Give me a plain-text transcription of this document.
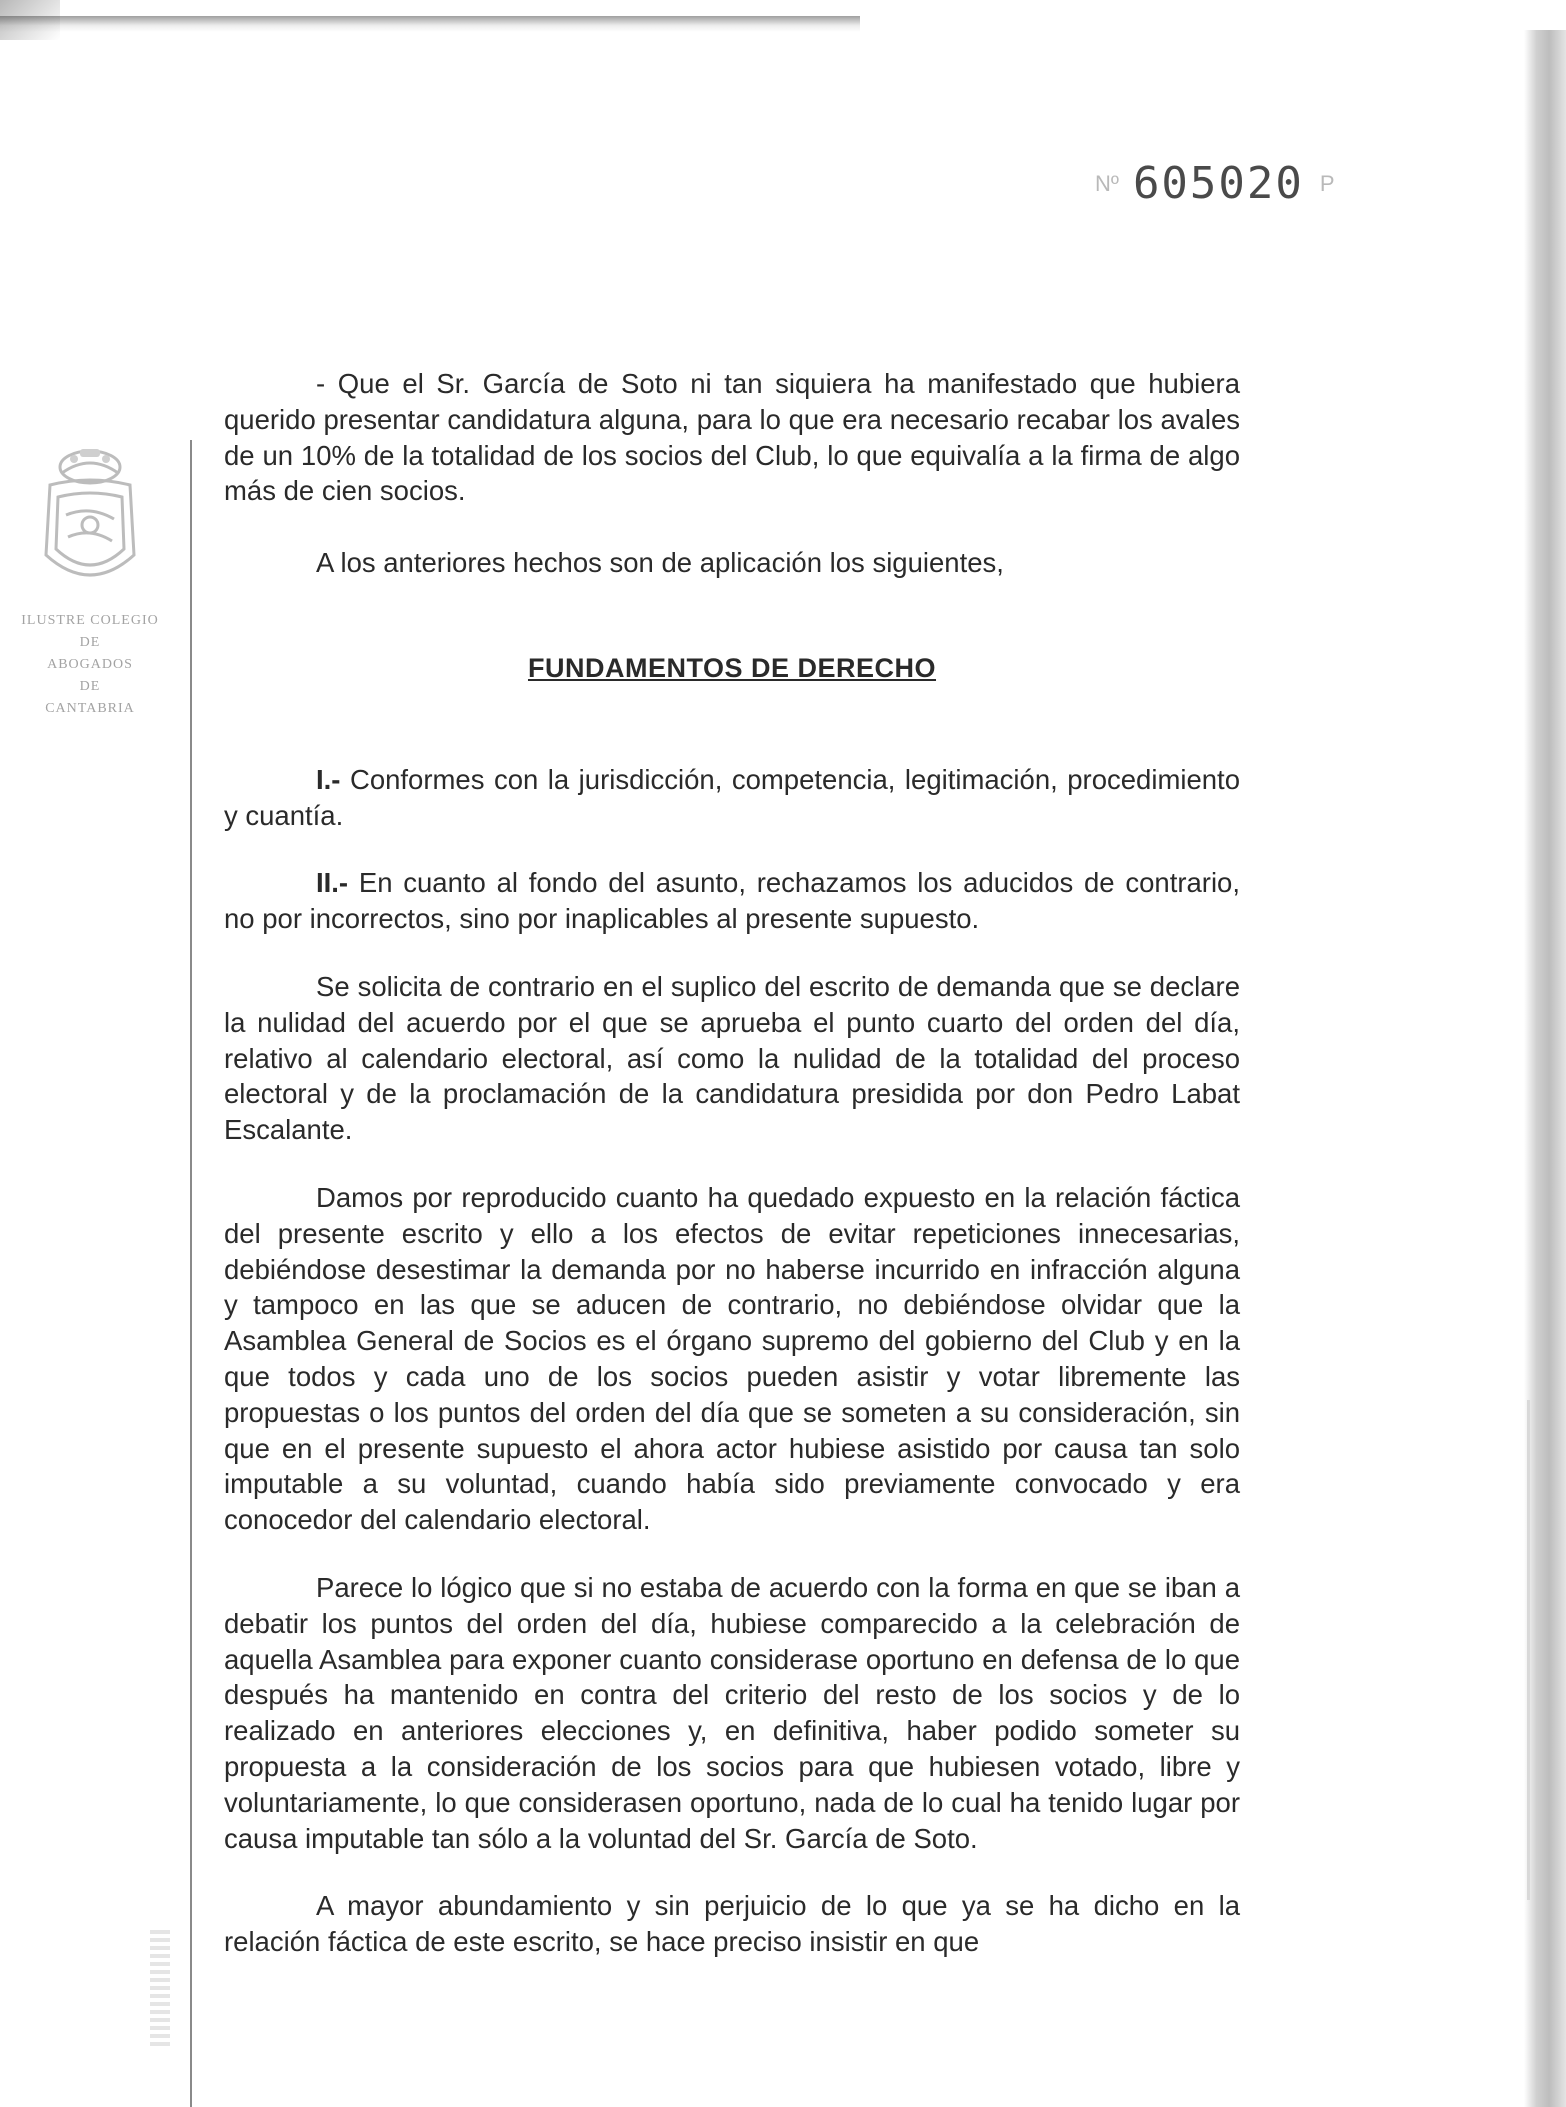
ILUSTRE COLEGIO
DE
ABOGADOS
DE
CANTABRIA
Nº 605020 P

- Que el Sr. García de Soto ni tan siquiera ha manifestado que hubiera querido presentar candidatura alguna, para lo que era necesario recabar los avales de un 10% de la totalidad de los socios del Club, lo que equivalía a la firma de algo más de cien socios.

A los anteriores hechos son de aplicación los siguientes,

FUNDAMENTOS DE DERECHO

I.- Conformes con la jurisdicción, competencia, legitimación, procedimiento y cuantía.

II.- En cuanto al fondo del asunto, rechazamos los aducidos de contrario, no por incorrectos, sino por inaplicables al presente supuesto.

Se solicita de contrario en el suplico del escrito de demanda que se declare la nulidad del acuerdo por el que se aprueba el punto cuarto del orden del día, relativo al calendario electoral, así como la nulidad de la totalidad del proceso electoral y de la proclamación de la candidatura presidida por don Pedro Labat Escalante.

Damos por reproducido cuanto ha quedado expuesto en la relación fáctica del presente escrito y ello a los efectos de evitar repeticiones innecesarias, debiéndose desestimar la demanda por no haberse incurrido en infracción alguna y tampoco en las que se aducen de contrario, no debiéndose olvidar que la Asamblea General de Socios es el órgano supremo del gobierno del Club y en la que todos y cada uno de los socios pueden asistir y votar libremente las propuestas o los puntos del orden del día que se someten a su consideración, sin que en el presente supuesto el ahora actor hubiese asistido por causa tan solo imputable a su voluntad, cuando había sido previamente convocado y era conocedor del calendario electoral.

Parece lo lógico que si no estaba de acuerdo con la forma en que se iban a debatir los puntos del orden del día, hubiese comparecido a la celebración de aquella Asamblea para exponer cuanto considerase oportuno en defensa de lo que después ha mantenido en contra del criterio del resto de los socios y de lo realizado en anteriores elecciones y, en definitiva, haber podido someter su propuesta a la consideración de los socios para que hubiesen votado, libre y voluntariamente, lo que considerasen oportuno, nada de lo cual ha tenido lugar por causa imputable tan sólo a la voluntad del Sr. García de Soto.

A mayor abundamiento y sin perjuicio de lo que ya se ha dicho en la relación fáctica de este escrito, se hace preciso insistir en que
